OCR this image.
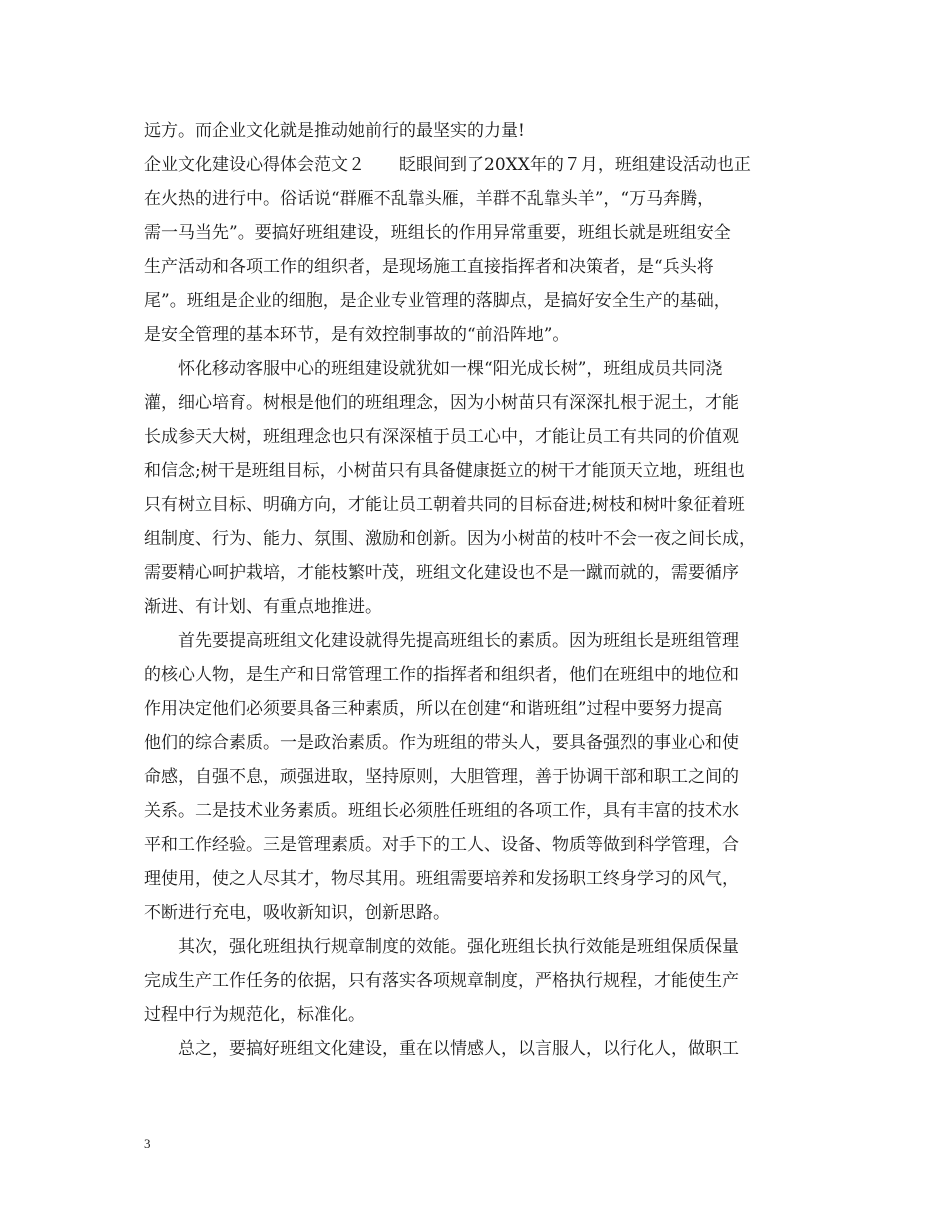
远方。而企业文化就是推动她前行的最坚实的力量!
企业文化建设心得体会范文２　　眨眼间到了20XX年的７月，班组建设活动也正
在火热的进行中。俗话说“群雁不乱靠头雁，羊群不乱靠头羊”，“万马奔腾，
需一马当先”。要搞好班组建设，班组长的作用异常重要，班组长就是班组安全
生产活动和各项工作的组织者，是现场施工直接指挥者和决策者，是“兵头将
尾”。班组是企业的细胞，是企业专业管理的落脚点，是搞好安全生产的基础，
是安全管理的基本环节，是有效控制事故的“前沿阵地”。
　　怀化移动客服中心的班组建设就犹如一棵“阳光成长树”，班组成员共同浇
灌，细心培育。树根是他们的班组理念，因为小树苗只有深深扎根于泥土，才能
长成参天大树，班组理念也只有深深植于员工心中，才能让员工有共同的价值观
和信念;树干是班组目标，小树苗只有具备健康挺立的树干才能顶天立地，班组也
只有树立目标、明确方向，才能让员工朝着共同的目标奋进;树枝和树叶象征着班
组制度、行为、能力、氛围、激励和创新。因为小树苗的枝叶不会一夜之间长成，
需要精心呵护栽培，才能枝繁叶茂，班组文化建设也不是一蹴而就的，需要循序
渐进、有计划、有重点地推进。
　　首先要提高班组文化建设就得先提高班组长的素质。因为班组长是班组管理
的核心人物，是生产和日常管理工作的指挥者和组织者，他们在班组中的地位和
作用决定他们必须要具备三种素质，所以在创建“和谐班组”过程中要努力提高
他们的综合素质。一是政治素质。作为班组的带头人，要具备强烈的事业心和使
命感，自强不息，顽强进取，坚持原则，大胆管理，善于协调干部和职工之间的
关系。二是技术业务素质。班组长必须胜任班组的各项工作，具有丰富的技术水
平和工作经验。三是管理素质。对手下的工人、设备、物质等做到科学管理，合
理使用，使之人尽其才，物尽其用。班组需要培养和发扬职工终身学习的风气，
不断进行充电，吸收新知识，创新思路。
　　其次，强化班组执行规章制度的效能。强化班组长执行效能是班组保质保量
完成生产工作任务的依据，只有落实各项规章制度，严格执行规程，才能使生产
过程中行为规范化，标准化。
　　总之，要搞好班组文化建设，重在以情感人，以言服人，以行化人，做职工
3
